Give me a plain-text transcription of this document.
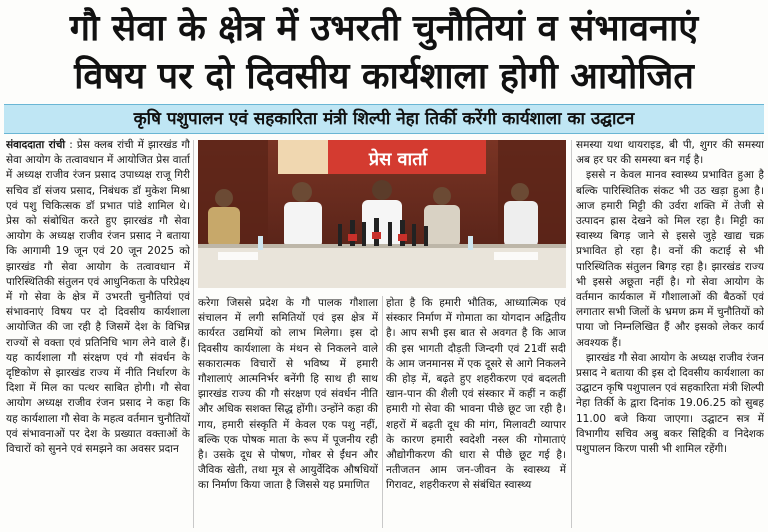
गौ सेवा के क्षेत्र में उभरती चुनौतियां व संभावनाएं
विषय पर दो दिवसीय कार्यशाला होगी आयोजित
कृषि पशुपालन एवं सहकारिता मंत्री शिल्पी नेहा तिर्की करेंगी कार्यशाला का उद्घाटन

संवाददाता रांची : प्रेस क्लब रांची में झारखंड गौ सेवा आयोग के तत्वावधान में आयोजित प्रेस वार्ता में अध्यक्ष राजीव रंजन प्रसाद उपाध्यक्ष राजू गिरी सचिव डॉ संजय प्रसाद, निबंधक डॉ मुकेश मिश्रा एवं पशु चिकित्सक डॉ प्रभात पांडे शामिल थे। प्रेस को संबोधित करते हुए झारखंड गौ सेवा आयोग के अध्यक्ष राजीव रंजन प्रसाद ने बताया कि आगामी 19 जून एवं 20 जून 2025 को झारखंड गौ सेवा आयोग के तत्वावधान में पारिस्थितिकी संतुलन एवं आधुनिकता के परिप्रेक्ष्य में गो सेवा के क्षेत्र में उभरती चुनौतियां एवं संभावनाएं विषय पर दो दिवसीय कार्यशाला आयोजित की जा रही है जिसमें देश के विभिन्न राज्यों से वक्ता एवं प्रतिनिधि भाग लेने वाले हैं। यह कार्यशाला गौ संरक्षण एवं गौ संवर्धन के दृष्टिकोण से झारखंड राज्य में नीति निर्धारण के दिशा में मिल का पत्थर साबित होगी। गौ सेवा आयोग अध्यक्ष राजीव रंजन प्रसाद ने कहा कि यह कार्यशाला गौ सेवा के महत्व वर्तमान चुनौतियों एवं संभावनाओं पर देश के प्रख्यात वक्ताओं के विचारों को सुनने एवं समझने का अवसर प्रदान

प्रेस वार्ता

करेगा जिससे प्रदेश के गौ पालक गौशाला संचालन में लगी समितियों एवं इस क्षेत्र में कार्यरत उद्यमियों को लाभ मिलेगा। इस दो दिवसीय कार्यशाला के मंथन से निकलने वाले सकारात्मक विचारों से भविष्य में हमारी गौशालाएं आत्मनिर्भर बनेंगी हि साथ ही साथ झारखंड राज्य की गौ संरक्षण एवं संवर्धन नीति और अधिक सशक्त सिद्ध होंगी। उन्होंने कहा की गाय, हमारी संस्कृति में केवल एक पशु नहीं, बल्कि एक पोषक माता के रूप में पूजनीय रही है। उसके दूध से पोषण, गोबर से ईंधन और जैविक खेती, तथा मूत्र से आयुर्वेदिक औषधियों का निर्माण किया जाता है जिससे यह प्रमाणित

होता है कि हमारी भौतिक, आध्यात्मिक एवं संस्कार निर्माण में गोमाता का योगदान अद्वितीय है। आप सभी इस बात से अवगत है कि आज की इस भागती दौड़ती जिन्दगी एवं 21वीं सदी के आम जनमानस में एक दूसरे से आगे निकलने की होड़ में, बढ़ते हुए शहरीकरण एवं बदलती खान-पान की शैली एवं संस्कार में कहीं न कहीं हमारी गो सेवा की भावना पीछे छूट जा रही है। शहरों में बढ़ती दूध की मांग, मिलावटी व्यापार के कारण हमारी स्वदेशी नस्ल की गोमाताएं औद्योगीकरण की धारा से पीछे छूट गई है। नतीजतन आम जन-जीवन के स्वास्थ्य में गिरावट, शहरीकरण से संबंधित स्वास्थ्य

समस्या यथा थायराइड, बी पी, शुगर की समस्या अब हर घर की समस्या बन गई है।

इससे न केवल मानव स्वास्थ्य प्रभावित हुआ है बल्कि पारिस्थितिक संकट भी उठ खड़ा हुआ है। आज हमारी मिट्टी की उर्वरा शक्ति में तेजी से उत्पादन ह्रास देखने को मिल रहा है। मिट्टी का स्वास्थ्य बिगड़ जाने से इससे जुड़े खाद्य चक्र प्रभावित हो रहा है। वनों की कटाई से भी पारिस्थितिक संतुलन बिगड़ रहा है। झारखंड राज्य भी इससे अछूता नहीं है। गो सेवा आयोग के वर्तमान कार्यकाल में गौशालाओं की बैठकों एवं लगातार सभी जिलों के भ्रमण क्रम में चुनौतियों को पाया जो निम्नलिखित हैं और इसको लेकर कार्य अवश्यक हैं।

झारखंड गौ सेवा आयोग के अध्यक्ष राजीव रंजन प्रसाद ने बताया की इस दो दिवसीय कार्यशाला का उद्घाटन कृषि पशुपालन एवं सहकारिता मंत्री शिल्पी नेहा तिर्की के द्वारा दिनांक 19.06.25 को सुबह 11.00 बजे किया जाएगा। उद्घाटन सत्र में विभागीय सचिव अबु बकर सिद्दिकी व निदेशक पशुपालन किरण पासी भी शामिल रहेंगी।
